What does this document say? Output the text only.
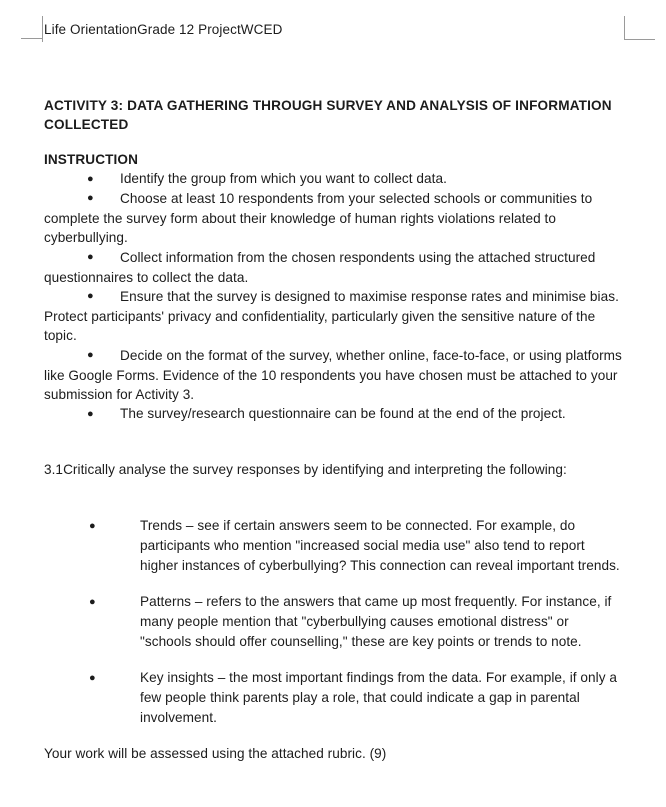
Life OrientationGrade 12 ProjectWCED
ACTIVITY 3: DATA GATHERING THROUGH SURVEY AND ANALYSIS OF INFORMATION COLLECTED

INSTRUCTION

● Identify the group from which you want to collect data.
● Choose at least 10 respondents from your selected schools or communities to complete the survey form about their knowledge of human rights violations related to cyberbullying.
● Collect information from the chosen respondents using the attached structured questionnaires to collect the data.
● Ensure that the survey is designed to maximise response rates and minimise bias. Protect participants' privacy and confidentiality, particularly given the sensitive nature of the topic.
● Decide on the format of the survey, whether online, face-to-face, or using platforms like Google Forms. Evidence of the 10 respondents you have chosen must be attached to your submission for Activity 3.
● The survey/research questionnaire can be found at the end of the project.

3.1Critically analyse the survey responses by identifying and interpreting the following:

●	Trends – see if certain answers seem to be connected. For example, do participants who mention "increased social media use" also tend to report higher instances of cyberbullying? This connection can reveal important trends.
●	Patterns – refers to the answers that came up most frequently. For instance, if many people mention that "cyberbullying causes emotional distress" or "schools should offer counselling," these are key points or trends to note.
●	Key insights – the most important findings from the data. For example, if only a few people think parents play a role, that could indicate a gap in parental involvement.

Your work will be assessed using the attached rubric. (9)
